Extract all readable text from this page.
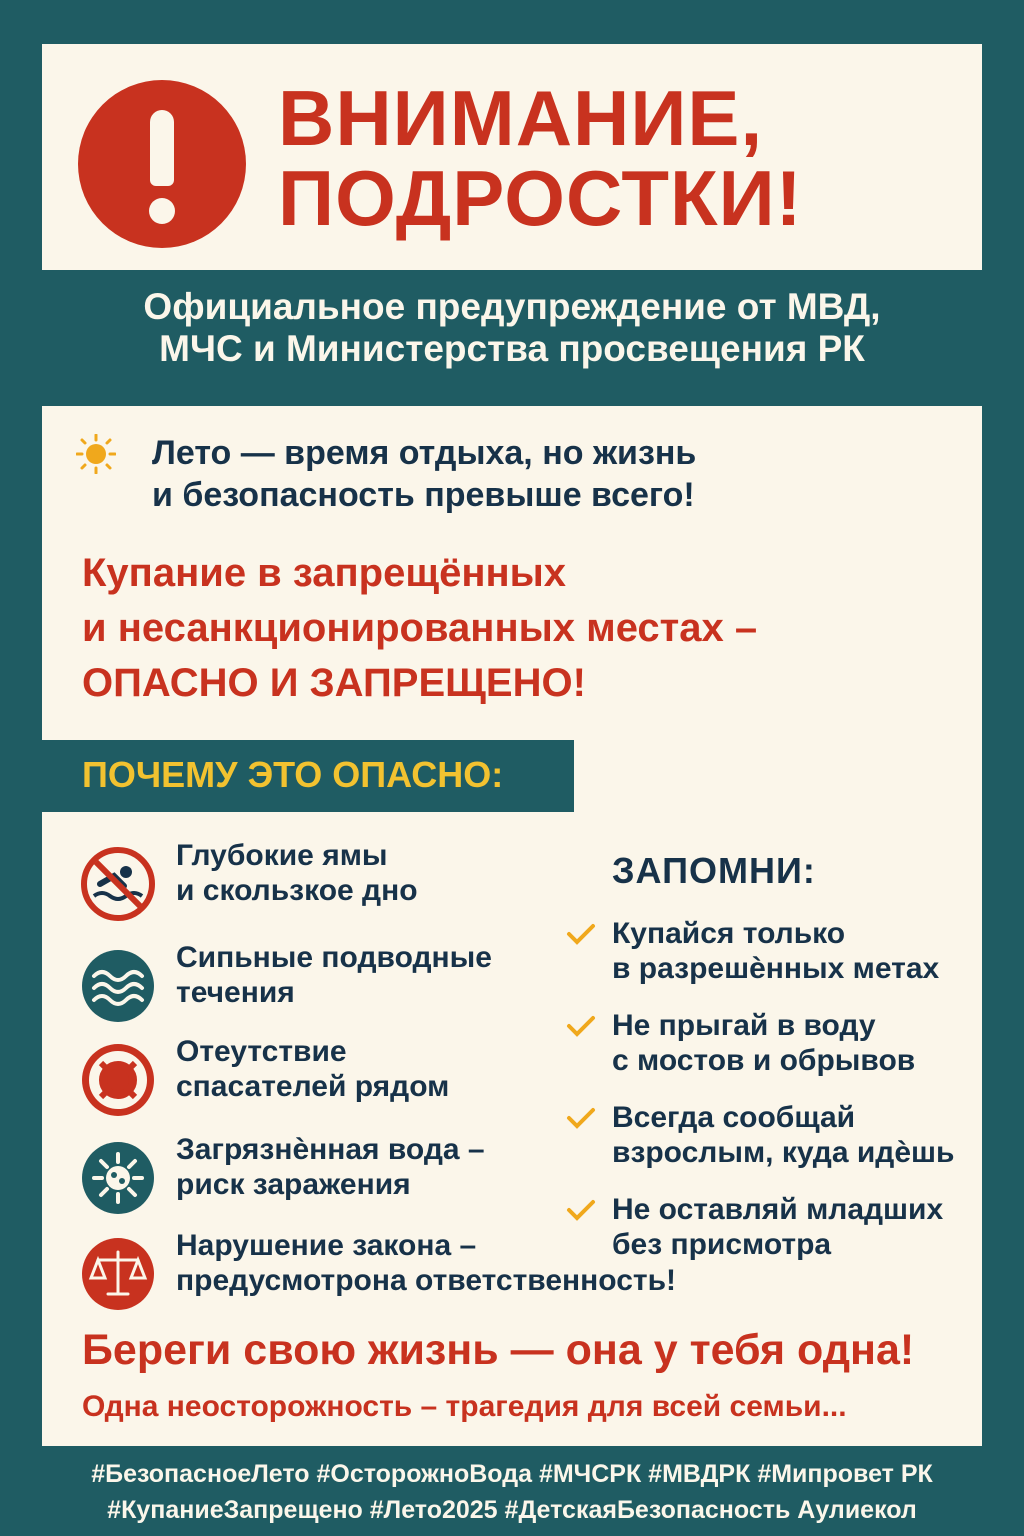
ВНИМАНИЕ,
ПОДРОСТКИ!
Официальное предупреждение от МВД,
МЧС и Министерства просвещения РК
Лето — время отдыха, но жизнь
и безопасность превыше всего!
Купание в запрещённых
и несанкционированных местах –
ОПАСНО И ЗАПРЕЩЕНО!
ПОЧЕМУ ЭТО ОПАСНО:
Глубокие ямы
и скользкое дно
Сипьные подводные
течения
Отеутствие
спасателей рядом
Загрязнѐнная вода –
риск заражения
Нарушение закона –
предусмотрона ответственность!
ЗАПОМНИ:
Купайся только
в разрешѐнных метах
Не прыгай в воду
с мостов и обрывов
Всегда сообщай
взрослым, куда идѐшь
Не оставляй младших
без присмотра
Береги свою жизнь — она у тебя одна!
Одна неосторожность – трагедия для всей семьи...
#БезопасноеЛето #ОсторожноВода #МЧСРК #МВДРК #Мипровет РК
#КупаниеЗапрещено #Лето2025 #ДетскаяБезопасность Аулиекол
